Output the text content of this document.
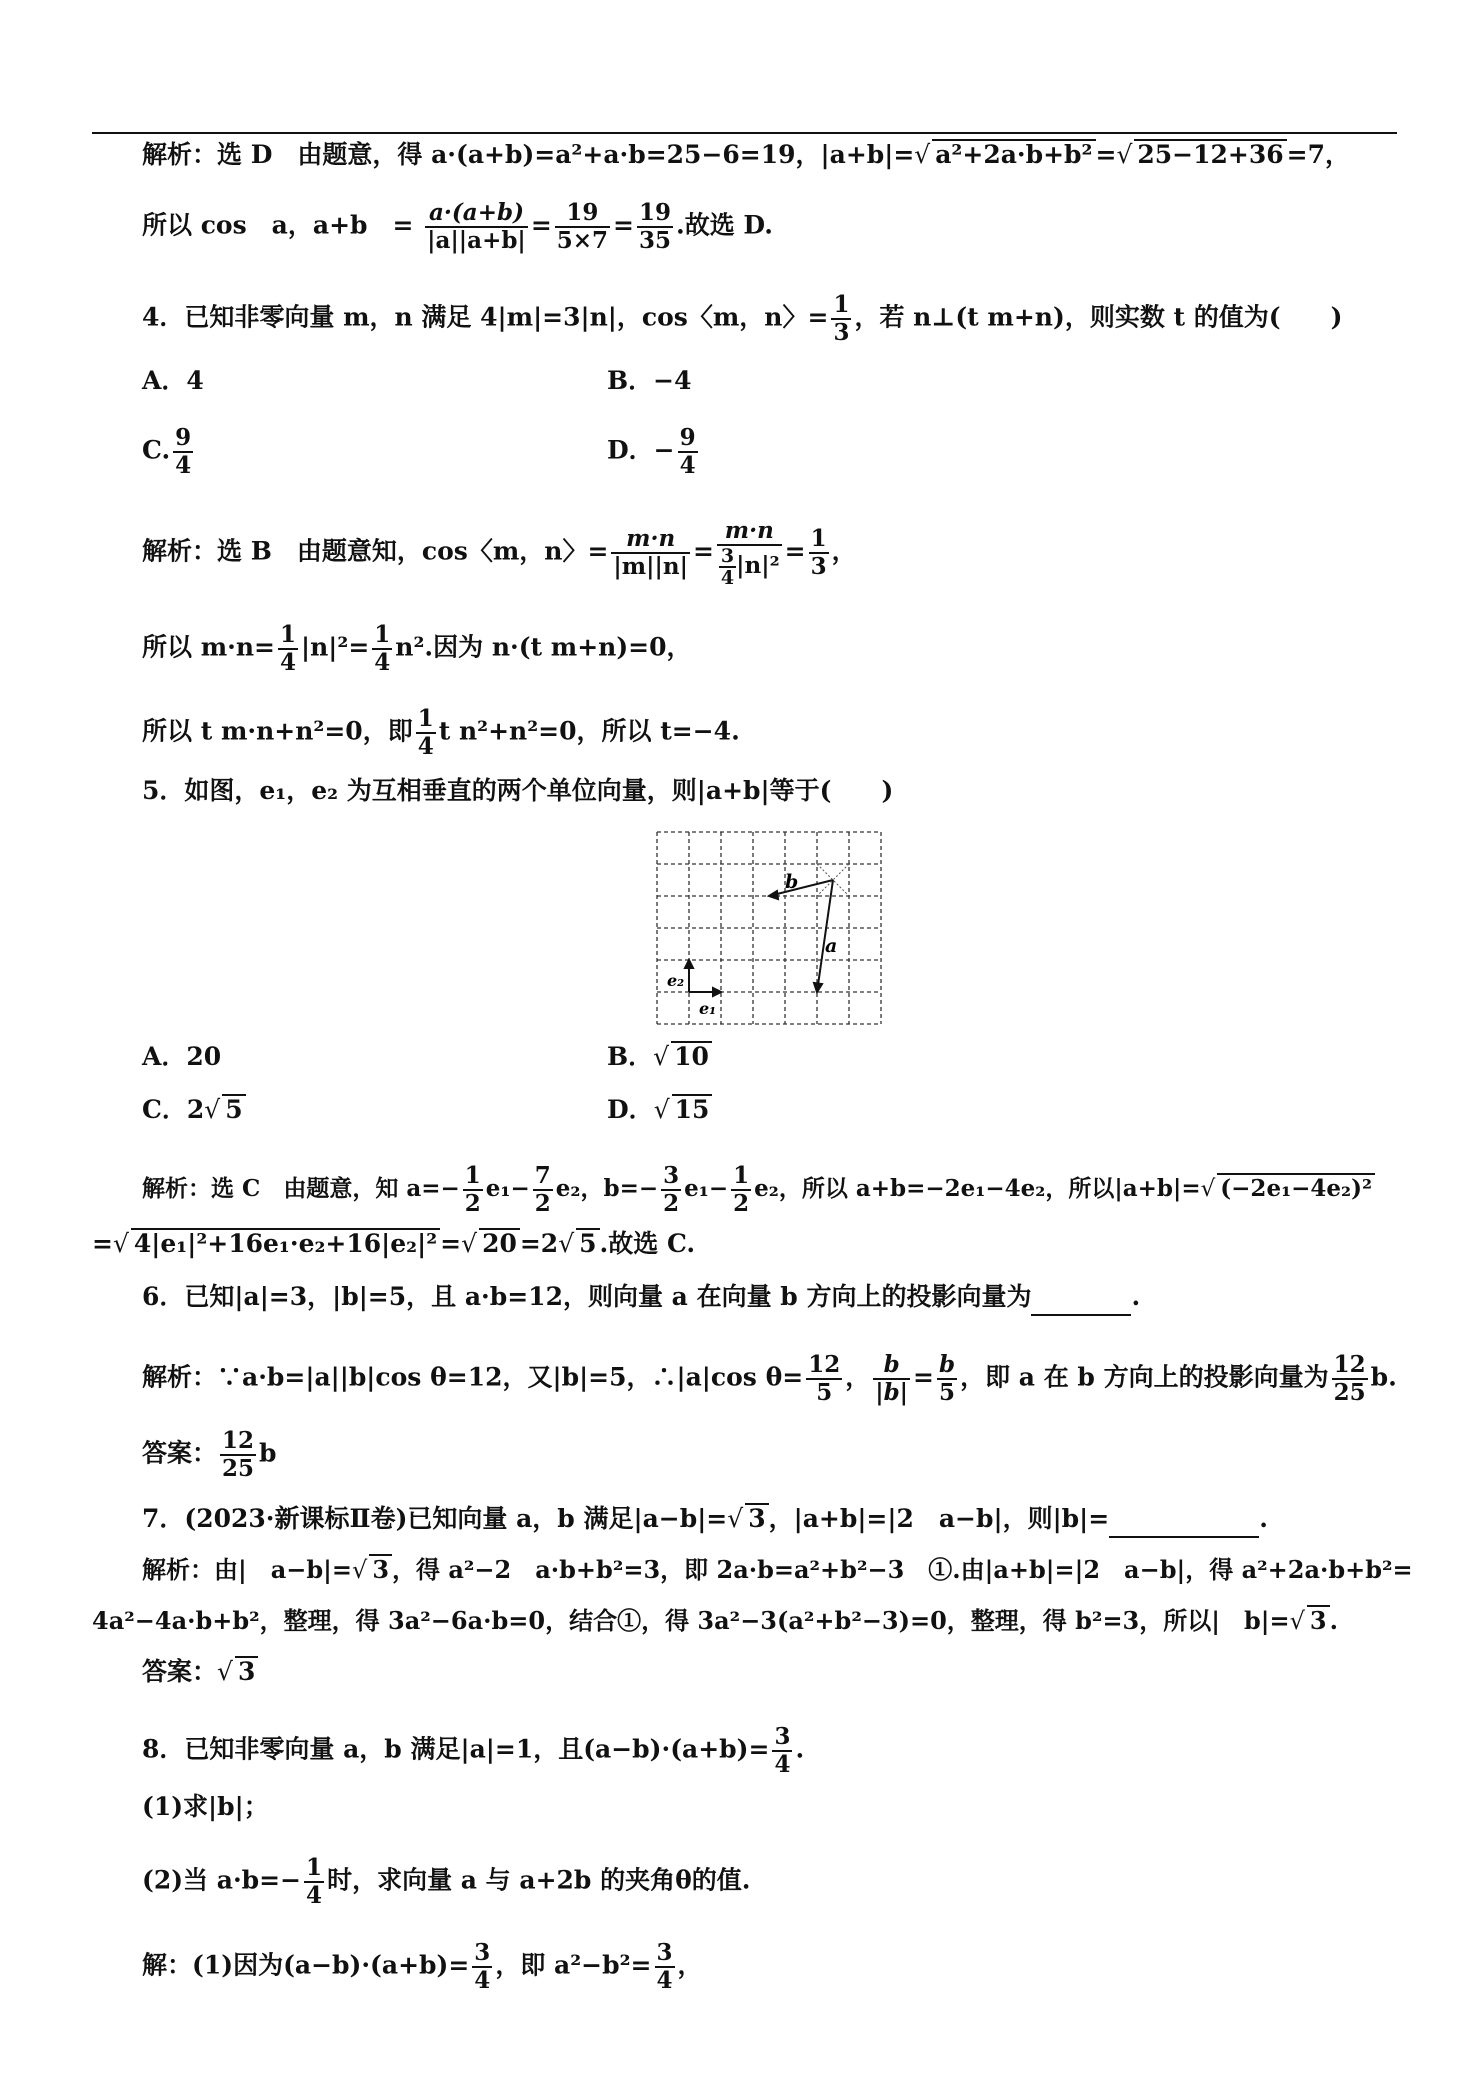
解析：选 D　由题意，得 a·(a+b)=a²+a·b=25−6=19，|a+b|=√ a²+2a·b+b² =√ 25−12+36 =7，
所以 cos　a，a+b　= $\frac{a\cdot(a+b)}{|a||a+b|} = \frac{19}{5\times 7} = \frac{19}{35}$ .故选 D.
4．已知非零向量 m，n 满足 4|m|=3|n|，cos〈m，n〉= $\frac{1}{3}$ ，若 n⊥(t m+n)，则实数 t 的值为(　　)
A．4	B．−4
C. $\frac{9}{4}$	D．− $\frac{9}{4}$
解析：选 B　由题意知，cos〈m，n〉= $\frac{m\cdot n}{|m||n|} = \frac{m\cdot n}{\frac{3}{4} |n|^2} = \frac{1}{3}$ ，
所以 $m\cdot n= \frac{1}{4} |n|^2= \frac{1}{4} n^2$.因为 n·(t m+n)=0，
所以 t m·n+n²=0，即 $\frac{1}{4}$ t n²+n²=0，所以 t=−4.
5．如图，e₁，e₂ 为互相垂直的两个单位向量，则|a+b|等于(　　)
b
a
e₂
e₁
A．20	B．√ 10
C．2√ 5	D．√ 15
解析：选 C　由题意，知 $a=- \frac{1}{2} e_1- \frac{7}{2} e_2$，$b=- \frac{3}{2} e_1- \frac{1}{2} e_2$，所以 a+b=−2e₁−4e₂，所以|a+b|=√ (−2e₁−4e₂)²
=√ 4|e₁|²+16e₁·e₂+16|e₂|² =√ 20 =2√ 5 .故选 C.
6．已知|a|=3，|b|=5，且 a·b=12，则向量 a 在向量 b 方向上的投影向量为	.
解析：∵a·b=|a||b|cos θ=12，又|b|=5，∴|a|cos $\theta= \frac{12}{5}$ ， $\frac{b}{|b|} = \frac{b}{5}$ ，即 a 在 b 方向上的投影向量为 $\frac{12}{25} b$.
答案： $\frac{12}{25}$ b
7．(2023·新课标Ⅱ卷)已知向量 a，b 满足|a−b|=√ 3 ，|a+b|=|2　a−b|，则|b|=	.
解析：由|　a−b|=√ 3 ，得 a²−2　a·b+b²=3，即 2a·b=a²+b²−3　①.由|a+b|=|2　a−b|，得 a²+2a·b+b²=
4a²−4a·b+b²，整理，得 3a²−6a·b=0，结合①，得 3a²−3(a²+b²−3)=0，整理，得 b²=3，所以|　b|=√ 3 .
答案：√ 3
8．已知非零向量 a，b 满足|a|=1，且$(a-b)\cdot(a+b)= \frac{3}{4}$ .
(1)求|b|；
(2)当 $a\cdot b=- \frac{1}{4}$ 时，求向量 a 与 a+2b 的夹角θ的值.
解：(1)因为$(a-b)\cdot(a+b)= \frac{3}{4}$ ，即 $a^2-b^2= \frac{3}{4}$ ，
